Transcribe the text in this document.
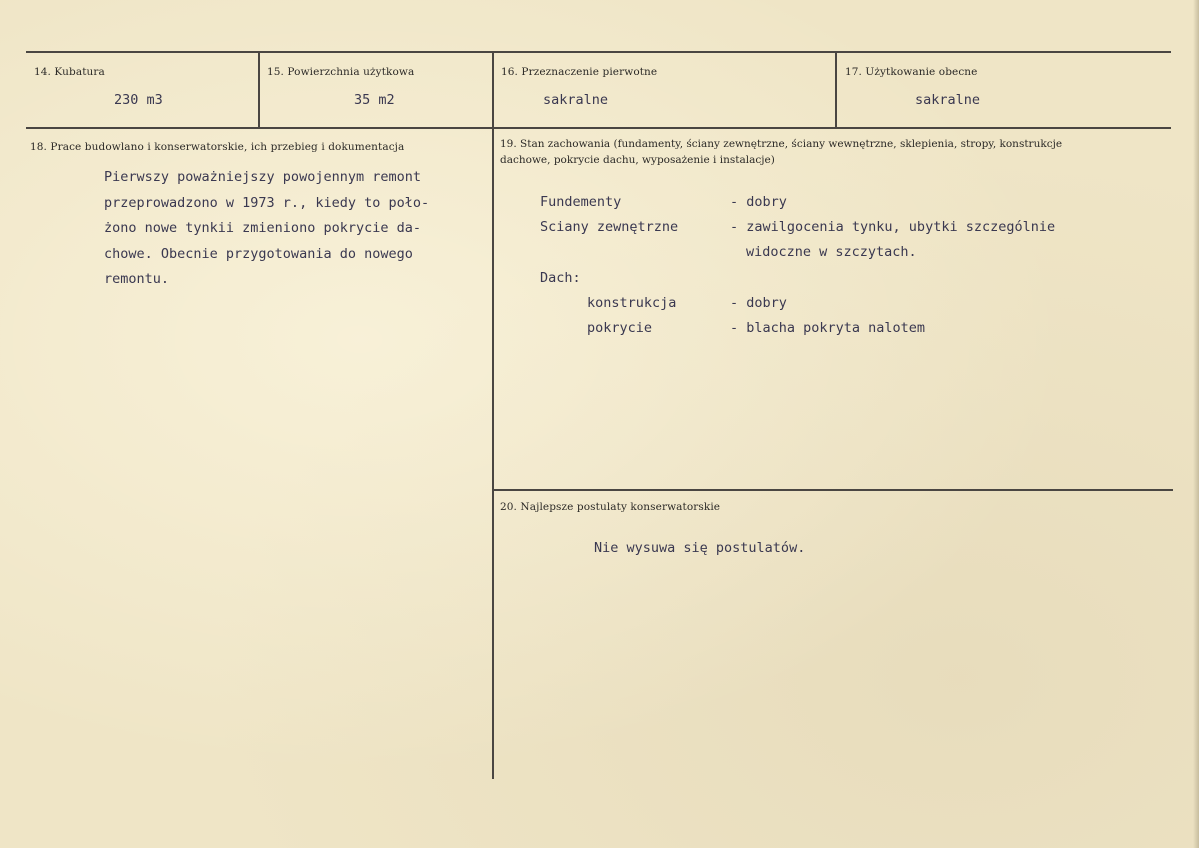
14. Kubatura
230 m3
15. Powierzchnia użytkowa
35 m2
16. Przeznaczenie pierwotne
sakralne
17. Użytkowanie obecne
sakralne
18. Prace budowlano i konserwatorskie, ich przebieg i dokumentacja
Pierwszy poważniejszy powojennym remont
przeprowadzono w 1973 r., kiedy to poło-
żono nowe tynkii zmieniono pokrycie da-
chowe. Obecnie przygotowania do nowego
remontu.
19. Stan zachowania (fundamenty, ściany zewnętrzne, ściany wewnętrzne, sklepienia, stropy, konstrukcje
dachowe, pokrycie dachu, wyposażenie i instalacje)
Fundementy	- dobry
Sciany zewnętrzne	- zawilgocenia tynku, ubytki szczególnie
widoczne w szczytach.
Dach:
konstrukcja	- dobry
pokrycie	- blacha pokryta nalotem
20. Najlepsze postulaty konserwatorskie
Nie wysuwa się postulatów.
